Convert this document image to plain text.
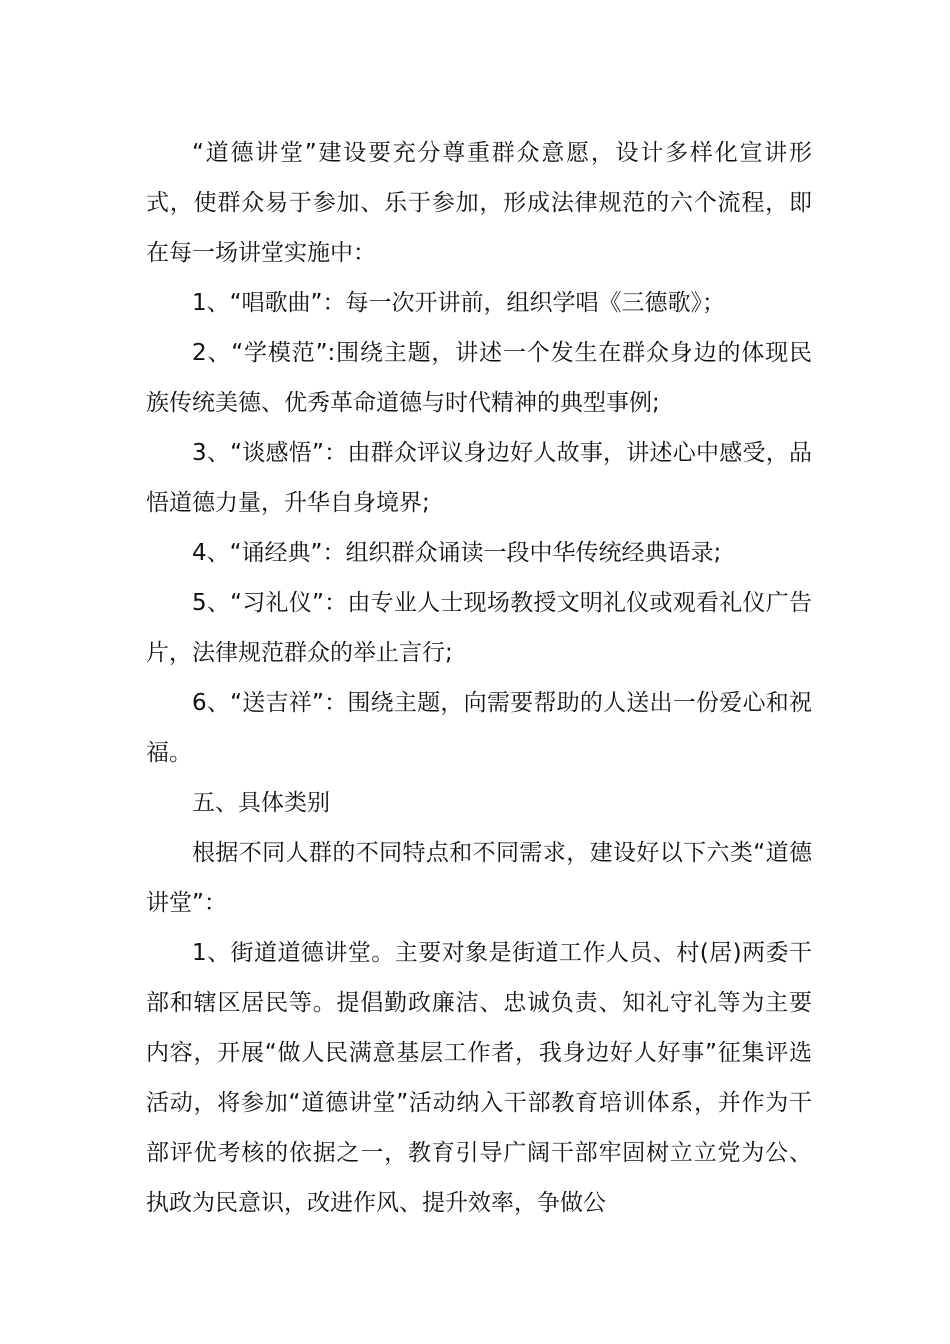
“道德讲堂”建设要充分尊重群众意愿，设计多样化宣讲形式，使群众易于参加、乐于参加，形成法律规范的六个流程，即在每一场讲堂实施中：

1、“唱歌曲”：每一次开讲前，组织学唱《三德歌》；

2、“学模范”:围绕主题，讲述一个发生在群众身边的体现民族传统美德、优秀革命道德与时代精神的典型事例;

3、“谈感悟”：由群众评议身边好人故事，讲述心中感受，品悟道德力量，升华自身境界;

4、“诵经典”：组织群众诵读一段中华传统经典语录;

5、“习礼仪”：由专业人士现场教授文明礼仪或观看礼仪广告片，法律规范群众的举止言行;

6、“送吉祥”：围绕主题，向需要帮助的人送出一份爱心和祝福。

五、具体类别

根据不同人群的不同特点和不同需求，建设好以下六类“道德讲堂”：

1、街道道德讲堂。主要对象是街道工作人员、村(居)两委干部和辖区居民等。提倡勤政廉洁、忠诚负责、知礼守礼等为主要内容，开展“做人民满意基层工作者，我身边好人好事”征集评选活动，将参加“道德讲堂”活动纳入干部教育培训体系，并作为干部评优考核的依据之一，教育引导广阔干部牢固树立立党为公、执政为民意识，改进作风、提升效率，争做公
